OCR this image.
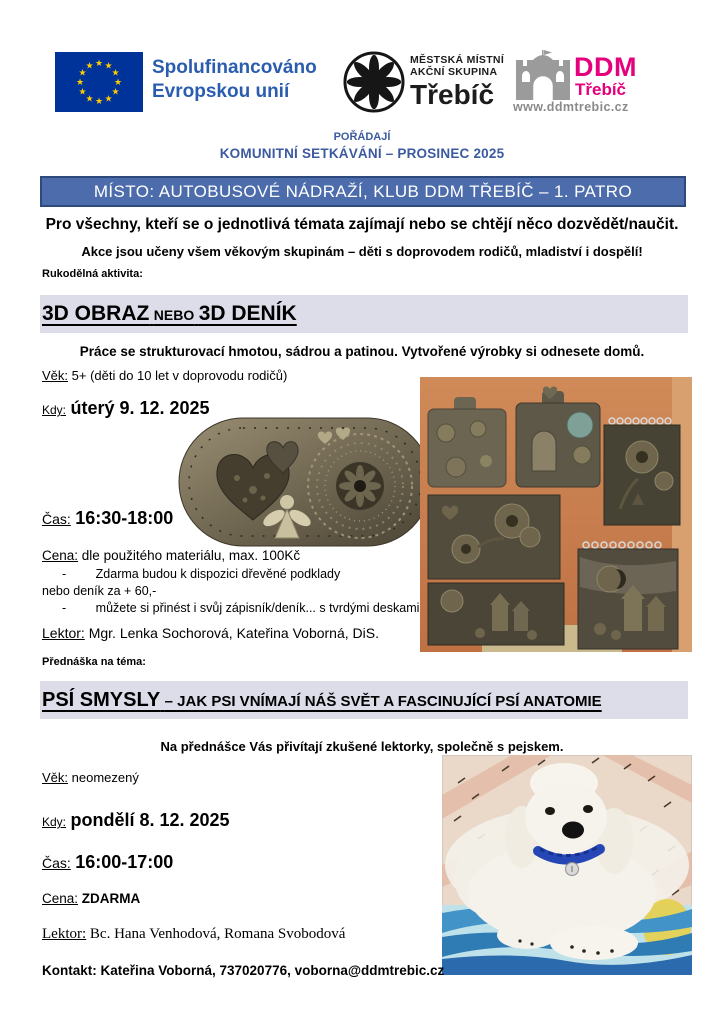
★ ★
★
★
★
★
★
★
★
★
★
★	Spolufinancováno
Evropskou unií
MĚSTSKÁ MÍSTNÍ
AKČNÍ SKUPINA
Třebíč
DDM
Třebíč
www.ddmtrebic.cz
POŘÁDAJÍ
KOMUNITNÍ SETKÁVÁNÍ – PROSINEC 2025
MÍSTO: AUTOBUSOVÉ NÁDRAŽÍ, KLUB DDM TŘEBÍČ – 1. PATRO
Pro všechny, kteří se o jednotlivá témata zajímají nebo se chtějí něco dozvědět/naučit.
Akce jsou učeny všem věkovým skupinám – děti s doprovodem rodičů, mladiství i dospělí!
Rukodělná aktivita:
3D OBRAZ NEBO 3D DENÍK
Práce se strukturovací hmotou, sádrou a patinou. Vytvořené výrobky si odnesete domů.
Věk: 5+ (děti do 10 let v doprovodu rodičů)
Kdy: úterý 9. 12. 2025
Čas: 16:30-18:00
Cena: dle použitého materiálu, max. 100Kč
- Zdarma budou k dispozici dřevěné podklady
nebo deník za + 60,-
- můžete si přinést i svůj zápisník/deník... s tvrdými deskami
Lektor: Mgr. Lenka Sochorová, Kateřina Voborná, DiS.
Přednáška na téma:
PSÍ SMYSLY – JAK PSI VNÍMAJÍ NÁŠ SVĚT A FASCINUJÍCÍ PSÍ ANATOMIE
Na přednášce Vás přivítají zkušené lektorky, společně s pejskem.
Věk: neomezený
Kdy: pondělí 8. 12. 2025
Čas: 16:00-17:00
Cena: ZDARMA
Lektor: Bc. Hana Venhodová, Romana Svobodová
Kontakt: Kateřina Voborná, 737020776, voborna@ddmtrebic.cz
